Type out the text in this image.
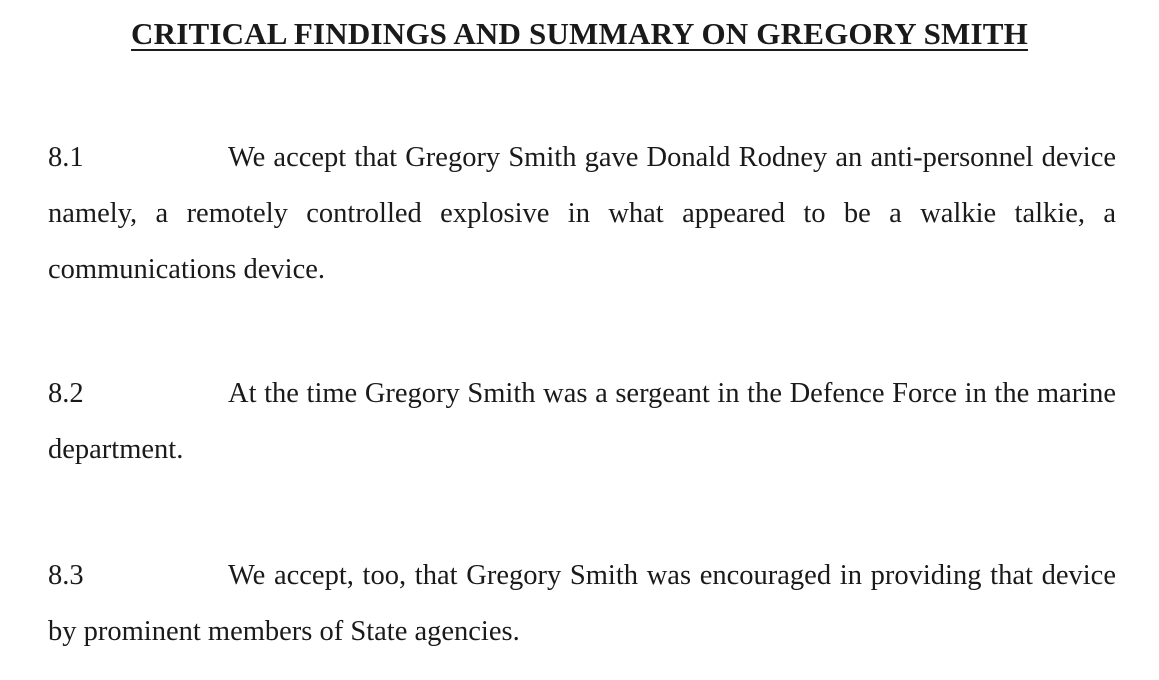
CRITICAL FINDINGS AND SUMMARY ON GREGORY SMITH
8.1	We accept that Gregory Smith gave Donald Rodney an anti-personnel device namely, a remotely controlled explosive in what appeared to be a walkie talkie, a communications device.
8.2	At the time Gregory Smith was a sergeant in the Defence Force in the marine department.
8.3	We accept, too, that Gregory Smith was encouraged in providing that device by prominent members of State agencies.
